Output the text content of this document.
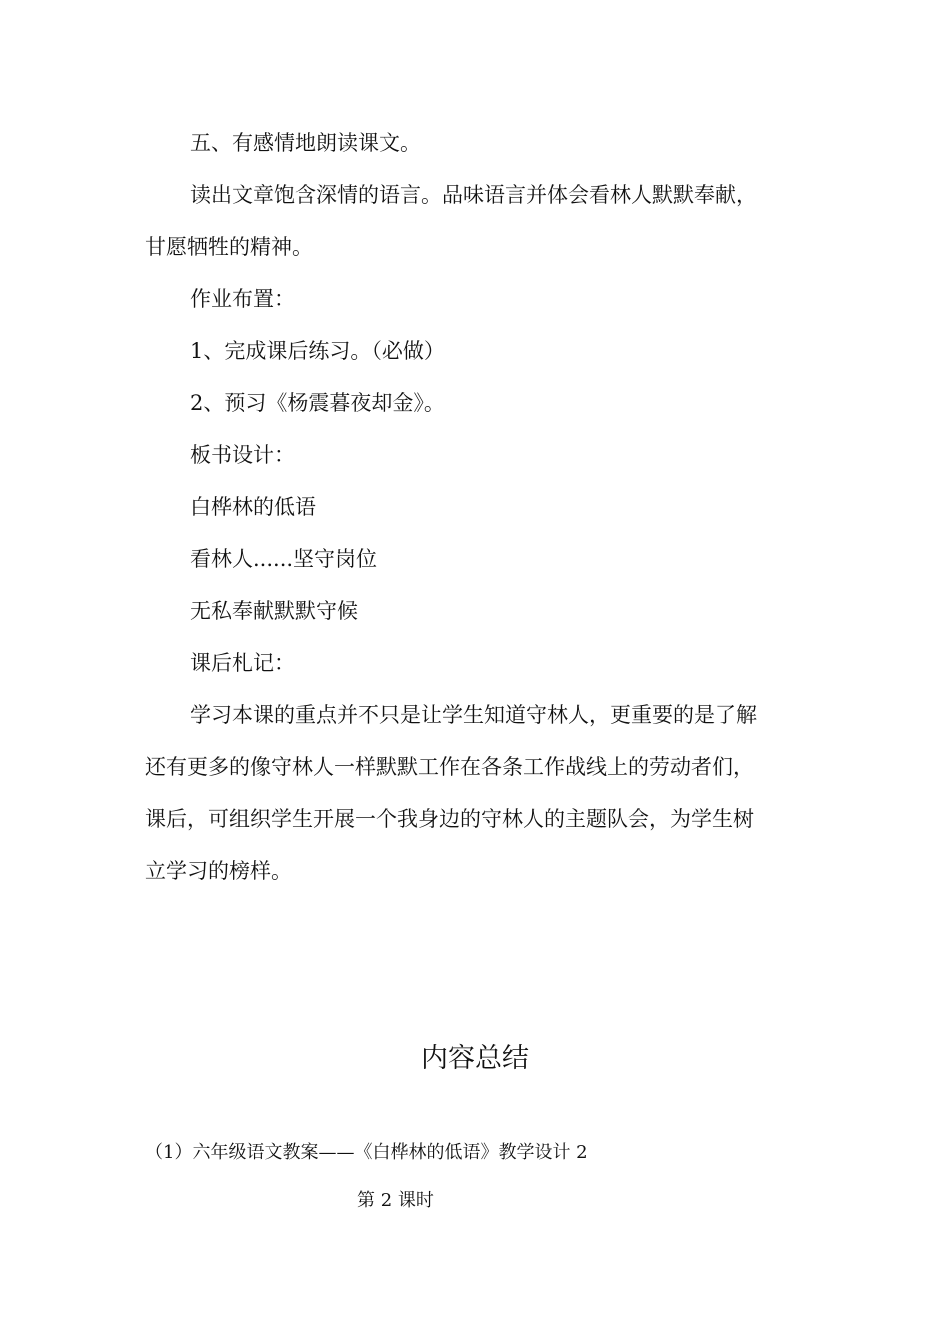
五、有感情地朗读课文。
读出文章饱含深情的语言。品味语言并体会看林人默默奉献，
甘愿牺牲的精神。
作业布置：
1、完成课后练习。（必做）
2、预习《杨震暮夜却金》。
板书设计：
白桦林的低语
看林人......坚守岗位
无私奉献默默守候
课后札记：
学习本课的重点并不只是让学生知道守林人，更重要的是了解
还有更多的像守林人一样默默工作在各条工作战线上的劳动者们，
课后，可组织学生开展一个我身边的守林人的主题队会，为学生树
立学习的榜样。
内容总结
（1）六年级语文教案——《白桦林的低语》教学设计 2
第 2 课时
